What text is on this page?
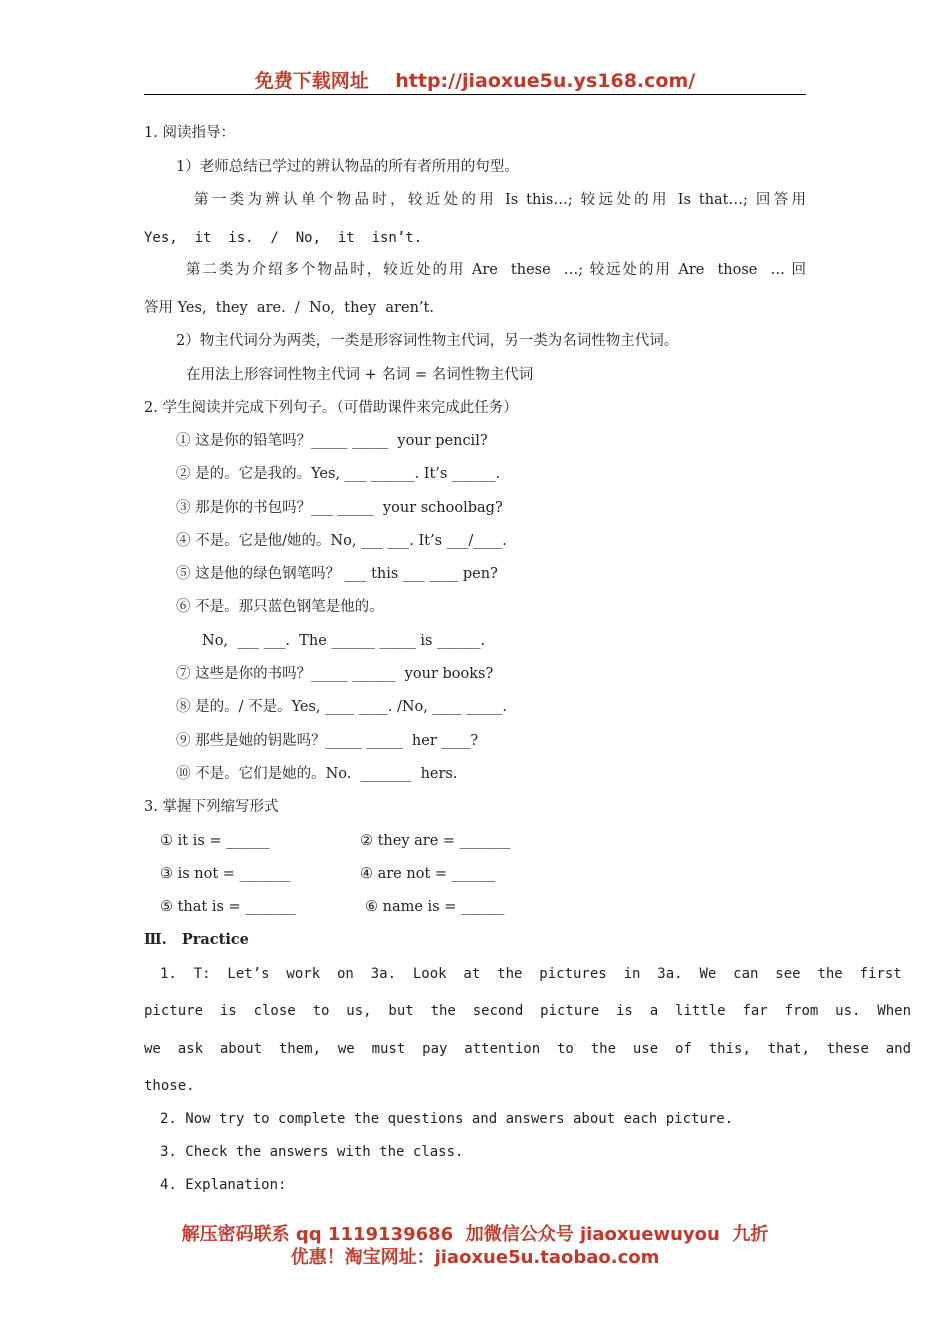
免费下载网址    http://jiaoxue5u.ys168.com/
1. 阅读指导：
1）老师总结已学过的辨认物品的所有者所用的句型。
第一类为辨认单个物品时，较近处的用 Is this…; 较远处的用 Is that…; 回答用
Yes,  it  is.  /  No,  it  isn’t.
第二类为介绍多个物品时，较近处的用 Are  these  …; 较远处的用 Are  those  … 回
答用 Yes,  they  are.  /  No,  they  aren’t.
2）物主代词分为两类，一类是形容词性物主代词，另一类为名词性物主代词。
在用法上形容词性物主代词 + 名词 = 名词性物主代词
2. 学生阅读并完成下列句子。（可借助课件来完成此任务）
① 这是你的铅笔吗？_____ _____  your pencil?
② 是的。它是我的。Yes, ___ ______. It’s ______.
③ 那是你的书包吗？___ _____  your schoolbag?
④ 不是。它是他/她的。No, ___ ___. It’s ___/____.
⑤ 这是他的绿色钢笔吗？ ___ this ___ ____ pen?
⑥ 不是。那只蓝色钢笔是他的。
No,  ___ ___.  The ______ _____ is ______.
⑦ 这些是你的书吗？_____ ______  your books?
⑧ 是的。/ 不是。Yes, ____ ____. /No, ____ _____.
⑨ 那些是她的钥匙吗？_____ _____  her ____?
⑩ 不是。它们是她的。No.  _______  hers.
3. 掌握下列缩写形式
① it is = ______	② they are = _______
③ is not = _______	④ are not = ______
⑤ that is = _______	⑥ name is = ______
Ⅲ.   Practice
1.  T:  Let’s  work  on  3a.  Look  at  the  pictures  in  3a.  We  can  see  the  first
picture  is  close  to  us,  but  the  second  picture  is  a  little  far  from  us.  When
we  ask  about  them,  we  must  pay  attention  to  the  use  of  this,  that,  these  and
those.
2. Now try to complete the questions and answers about each picture.
3. Check the answers with the class.
4. Explanation:
解压密码联系 qq 1119139686  加微信公众号 jiaoxuewuyou  九折
优惠！淘宝网址：jiaoxue5u.taobao.com
